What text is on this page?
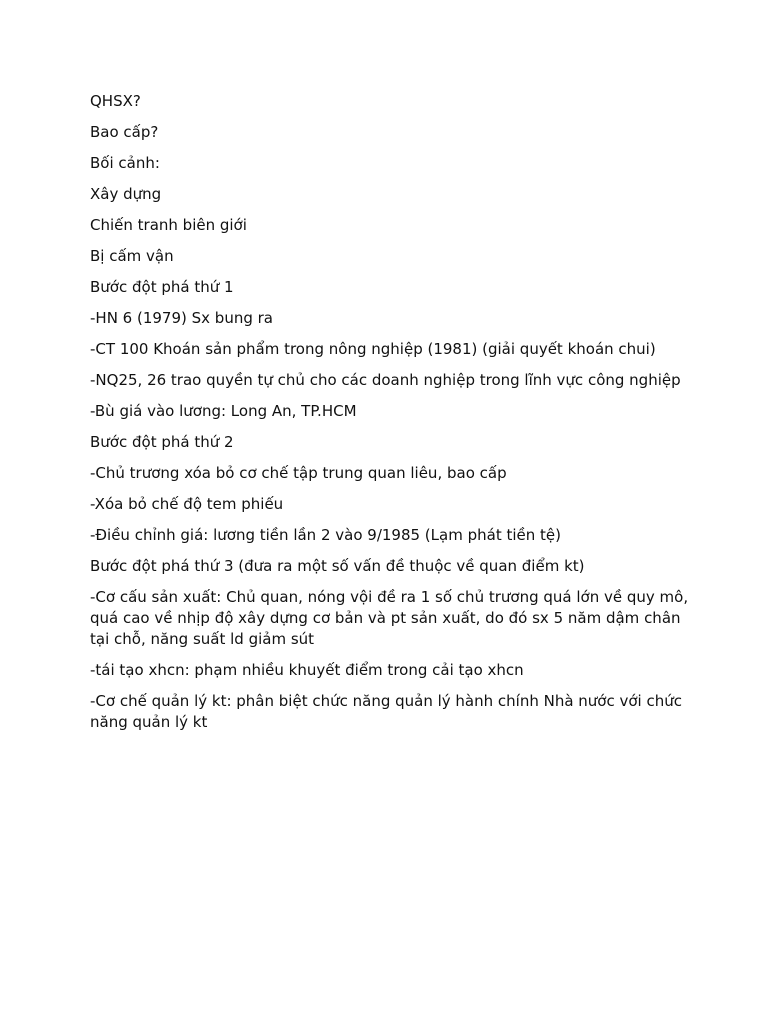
QHSX?

Bao cấp?

Bối cảnh:

Xây dựng

Chiến tranh biên giới

Bị cấm vận

Bước đột phá thứ 1

-HN 6 (1979) Sx bung ra

-CT 100 Khoán sản phẩm trong nông nghiệp (1981) (giải quyết khoán chui)

-NQ25, 26 trao quyền tự chủ cho các doanh nghiệp trong lĩnh vực công nghiệp

-Bù giá vào lương: Long An, TP.HCM

Bước đột phá thứ 2

-Chủ trương xóa bỏ cơ chế tập trung quan liêu, bao cấp

-Xóa bỏ chế độ tem phiếu

-Điều chỉnh giá: lương tiền lần 2 vào 9/1985 (Lạm phát tiền tệ)

Bước đột phá thứ 3 (đưa ra một số vấn đề thuộc về quan điểm kt)

-Cơ cấu sản xuất: Chủ quan, nóng vội đề ra 1 số chủ trương quá lớn về quy mô, quá cao về nhịp độ xây dựng cơ bản và pt sản xuất, do đó sx 5 năm dậm chân tại chỗ, năng suất ld giảm sút

-tái tạo xhcn: phạm nhiều khuyết điểm trong cải tạo xhcn

-Cơ chế quản lý kt: phân biệt chức năng quản lý hành chính Nhà nước với chức năng quản lý kt
